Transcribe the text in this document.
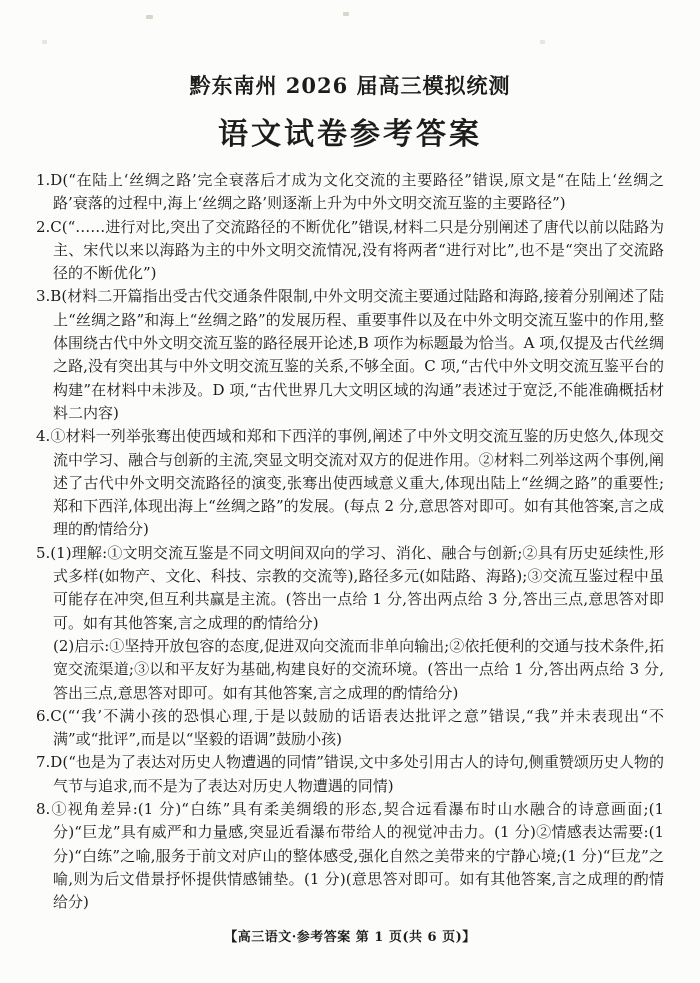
黔东南州 2026 届高三模拟统测
语文试卷参考答案

1.D(“在陆上‘丝绸之路’完全衰落后才成为文化交流的主要路径”错误,原文是“在陆上‘丝绸之路’衰落的过程中,海上‘丝绸之路’则逐渐上升为中外文明交流互鉴的主要路径”)

2.C(“……进行对比,突出了交流路径的不断优化”错误,材料二只是分别阐述了唐代以前以陆路为主、宋代以来以海路为主的中外文明交流情况,没有将两者“进行对比”,也不是“突出了交流路径的不断优化”)

3.B(材料二开篇指出受古代交通条件限制,中外文明交流主要通过陆路和海路,接着分别阐述了陆上“丝绸之路”和海上“丝绸之路”的发展历程、重要事件以及在中外文明交流互鉴中的作用,整体围绕古代中外文明交流互鉴的路径展开论述,B 项作为标题最为恰当。A 项,仅提及古代丝绸之路,没有突出其与中外文明交流互鉴的关系,不够全面。C 项,“古代中外文明交流互鉴平台的构建”在材料中未涉及。D 项,“古代世界几大文明区域的沟通”表述过于宽泛,不能准确概括材料二内容)

4.①材料一列举张骞出使西域和郑和下西洋的事例,阐述了中外文明交流互鉴的历史悠久,体现交流中学习、融合与创新的主流,突显文明交流对双方的促进作用。②材料二列举这两个事例,阐述了古代中外文明交流路径的演变,张骞出使西域意义重大,体现出陆上“丝绸之路”的重要性;郑和下西洋,体现出海上“丝绸之路”的发展。(每点 2 分,意思答对即可。如有其他答案,言之成理的酌情给分)

5.(1)理解:①文明交流互鉴是不同文明间双向的学习、消化、融合与创新;②具有历史延续性,形式多样(如物产、文化、科技、宗教的交流等),路径多元(如陆路、海路);③交流互鉴过程中虽可能存在冲突,但互利共赢是主流。(答出一点给 1 分,答出两点给 3 分,答出三点,意思答对即可。如有其他答案,言之成理的酌情给分)

(2)启示:①坚持开放包容的态度,促进双向交流而非单向输出;②依托便利的交通与技术条件,拓宽交流渠道;③以和平友好为基础,构建良好的交流环境。(答出一点给 1 分,答出两点给 3 分,答出三点,意思答对即可。如有其他答案,言之成理的酌情给分)

6.C(“‘我’不满小孩的恐惧心理,于是以鼓励的话语表达批评之意”错误,“我”并未表现出“不满”或“批评”,而是以“坚毅的语调”鼓励小孩)

7.D(“也是为了表达对历史人物遭遇的同情”错误,文中多处引用古人的诗句,侧重赞颂历史人物的气节与追求,而不是为了表达对历史人物遭遇的同情)

8.①视角差异:(1 分)“白练”具有柔美绸缎的形态,契合远看瀑布时山水融合的诗意画面;(1 分)“巨龙”具有威严和力量感,突显近看瀑布带给人的视觉冲击力。(1 分)②情感表达需要:(1 分)“白练”之喻,服务于前文对庐山的整体感受,强化自然之美带来的宁静心境;(1 分)“巨龙”之喻,则为后文借景抒怀提供情感铺垫。(1 分)(意思答对即可。如有其他答案,言之成理的酌情给分)

【高三语文·参考答案 第 1 页(共 6 页)】
